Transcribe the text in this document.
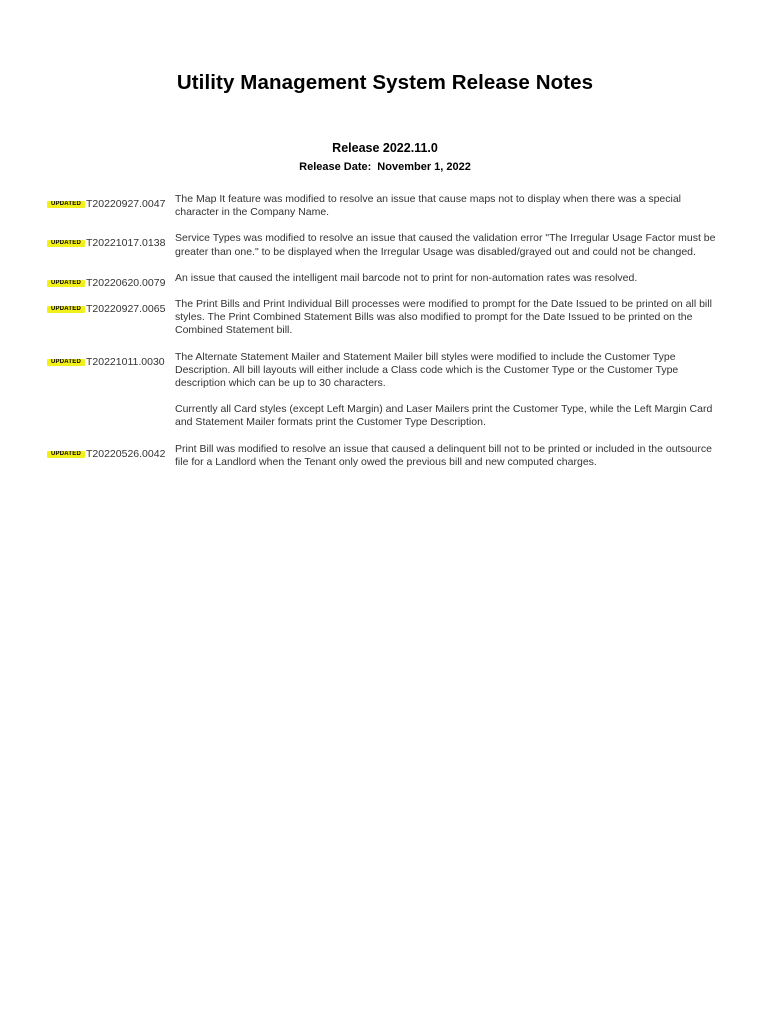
Utility Management System Release Notes
Release 2022.11.0
Release Date: November 1, 2022
UPDATED T20220927.0047 The Map It feature was modified to resolve an issue that cause maps not to display when there was a special character in the Company Name.

UPDATED T20221017.0138 Service Types was modified to resolve an issue that caused the validation error "The Irregular Usage Factor must be greater than one." to be displayed when the Irregular Usage was disabled/grayed out and could not be changed.

UPDATED T20220620.0079 An issue that caused the intelligent mail barcode not to print for non-automation rates was resolved.

UPDATED T20220927.0065 The Print Bills and Print Individual Bill processes were modified to prompt for the Date Issued to be printed on all bill styles. The Print Combined Statement Bills was also modified to prompt for the Date Issued to be printed on the Combined Statement bill.

UPDATED T20221011.0030 The Alternate Statement Mailer and Statement Mailer bill styles were modified to include the Customer Type Description. All bill layouts will either include a Class code which is the Customer Type or the Customer Type description which can be up to 30 characters.

Currently all Card styles (except Left Margin) and Laser Mailers print the Customer Type, while the Left Margin Card and Statement Mailer formats print the Customer Type Description.

UPDATED T20220526.0042 Print Bill was modified to resolve an issue that caused a delinquent bill not to be printed or included in the outsource file for a Landlord when the Tenant only owed the previous bill and new computed charges.
